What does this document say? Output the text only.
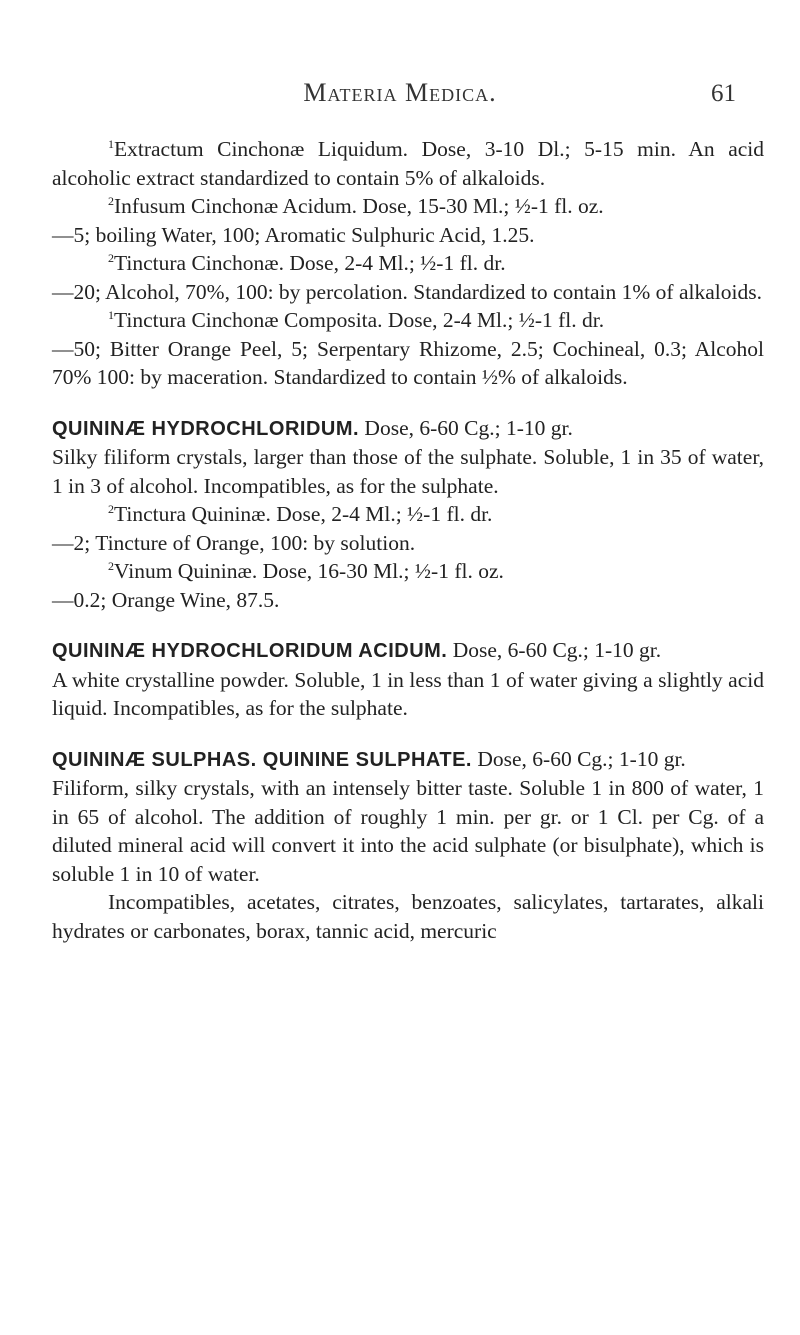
Materia Medica.	61

$^1$Extractum Cinchonæ Liquidum. Dose, 3-10 Dl.; 5-15 min. An acid alcoholic extract standardized to contain 5% of alkaloids.

$^2$Infusum Cinchonæ Acidum. Dose, 15-30 Ml.; ½-1 fl. oz.

—5; boiling Water, 100; Aromatic Sulphuric Acid, 1.25.

$^2$Tinctura Cinchonæ. Dose, 2-4 Ml.; ½-1 fl. dr.

—20; Alcohol, 70%, 100: by percolation. Standardized to contain 1% of alkaloids.

$^1$Tinctura Cinchonæ Composita. Dose, 2-4 Ml.; ½-1 fl. dr.

—50; Bitter Orange Peel, 5; Serpentary Rhizome, 2.5; Cochineal, 0.3; Alcohol 70% 100: by maceration. Standardized to contain ½% of alkaloids.

QUININÆ HYDROCHLORIDUM. Dose, 6-60 Cg.; 1-10 gr.

Silky filiform crystals, larger than those of the sulphate. Soluble, 1 in 35 of water, 1 in 3 of alcohol. Incompatibles, as for the sulphate.

$^2$Tinctura Quininæ. Dose, 2-4 Ml.; ½-1 fl. dr.

—2; Tincture of Orange, 100: by solution.

$^2$Vinum Quininæ. Dose, 16-30 Ml.; ½-1 fl. oz.

—0.2; Orange Wine, 87.5.

QUININÆ HYDROCHLORIDUM ACIDUM. Dose, 6-60 Cg.; 1-10 gr.

A white crystalline powder. Soluble, 1 in less than 1 of water giving a slightly acid liquid. Incompatibles, as for the sulphate.

QUININÆ SULPHAS. QUININE SULPHATE. Dose, 6-60 Cg.; 1-10 gr.

Filiform, silky crystals, with an intensely bitter taste. Soluble 1 in 800 of water, 1 in 65 of alcohol. The addition of roughly 1 min. per gr. or 1 Cl. per Cg. of a diluted mineral acid will convert it into the acid sulphate (or bisulphate), which is soluble 1 in 10 of water.

Incompatibles, acetates, citrates, benzoates, salicylates, tartarates, alkali hydrates or carbonates, borax, tannic acid, mercuric
